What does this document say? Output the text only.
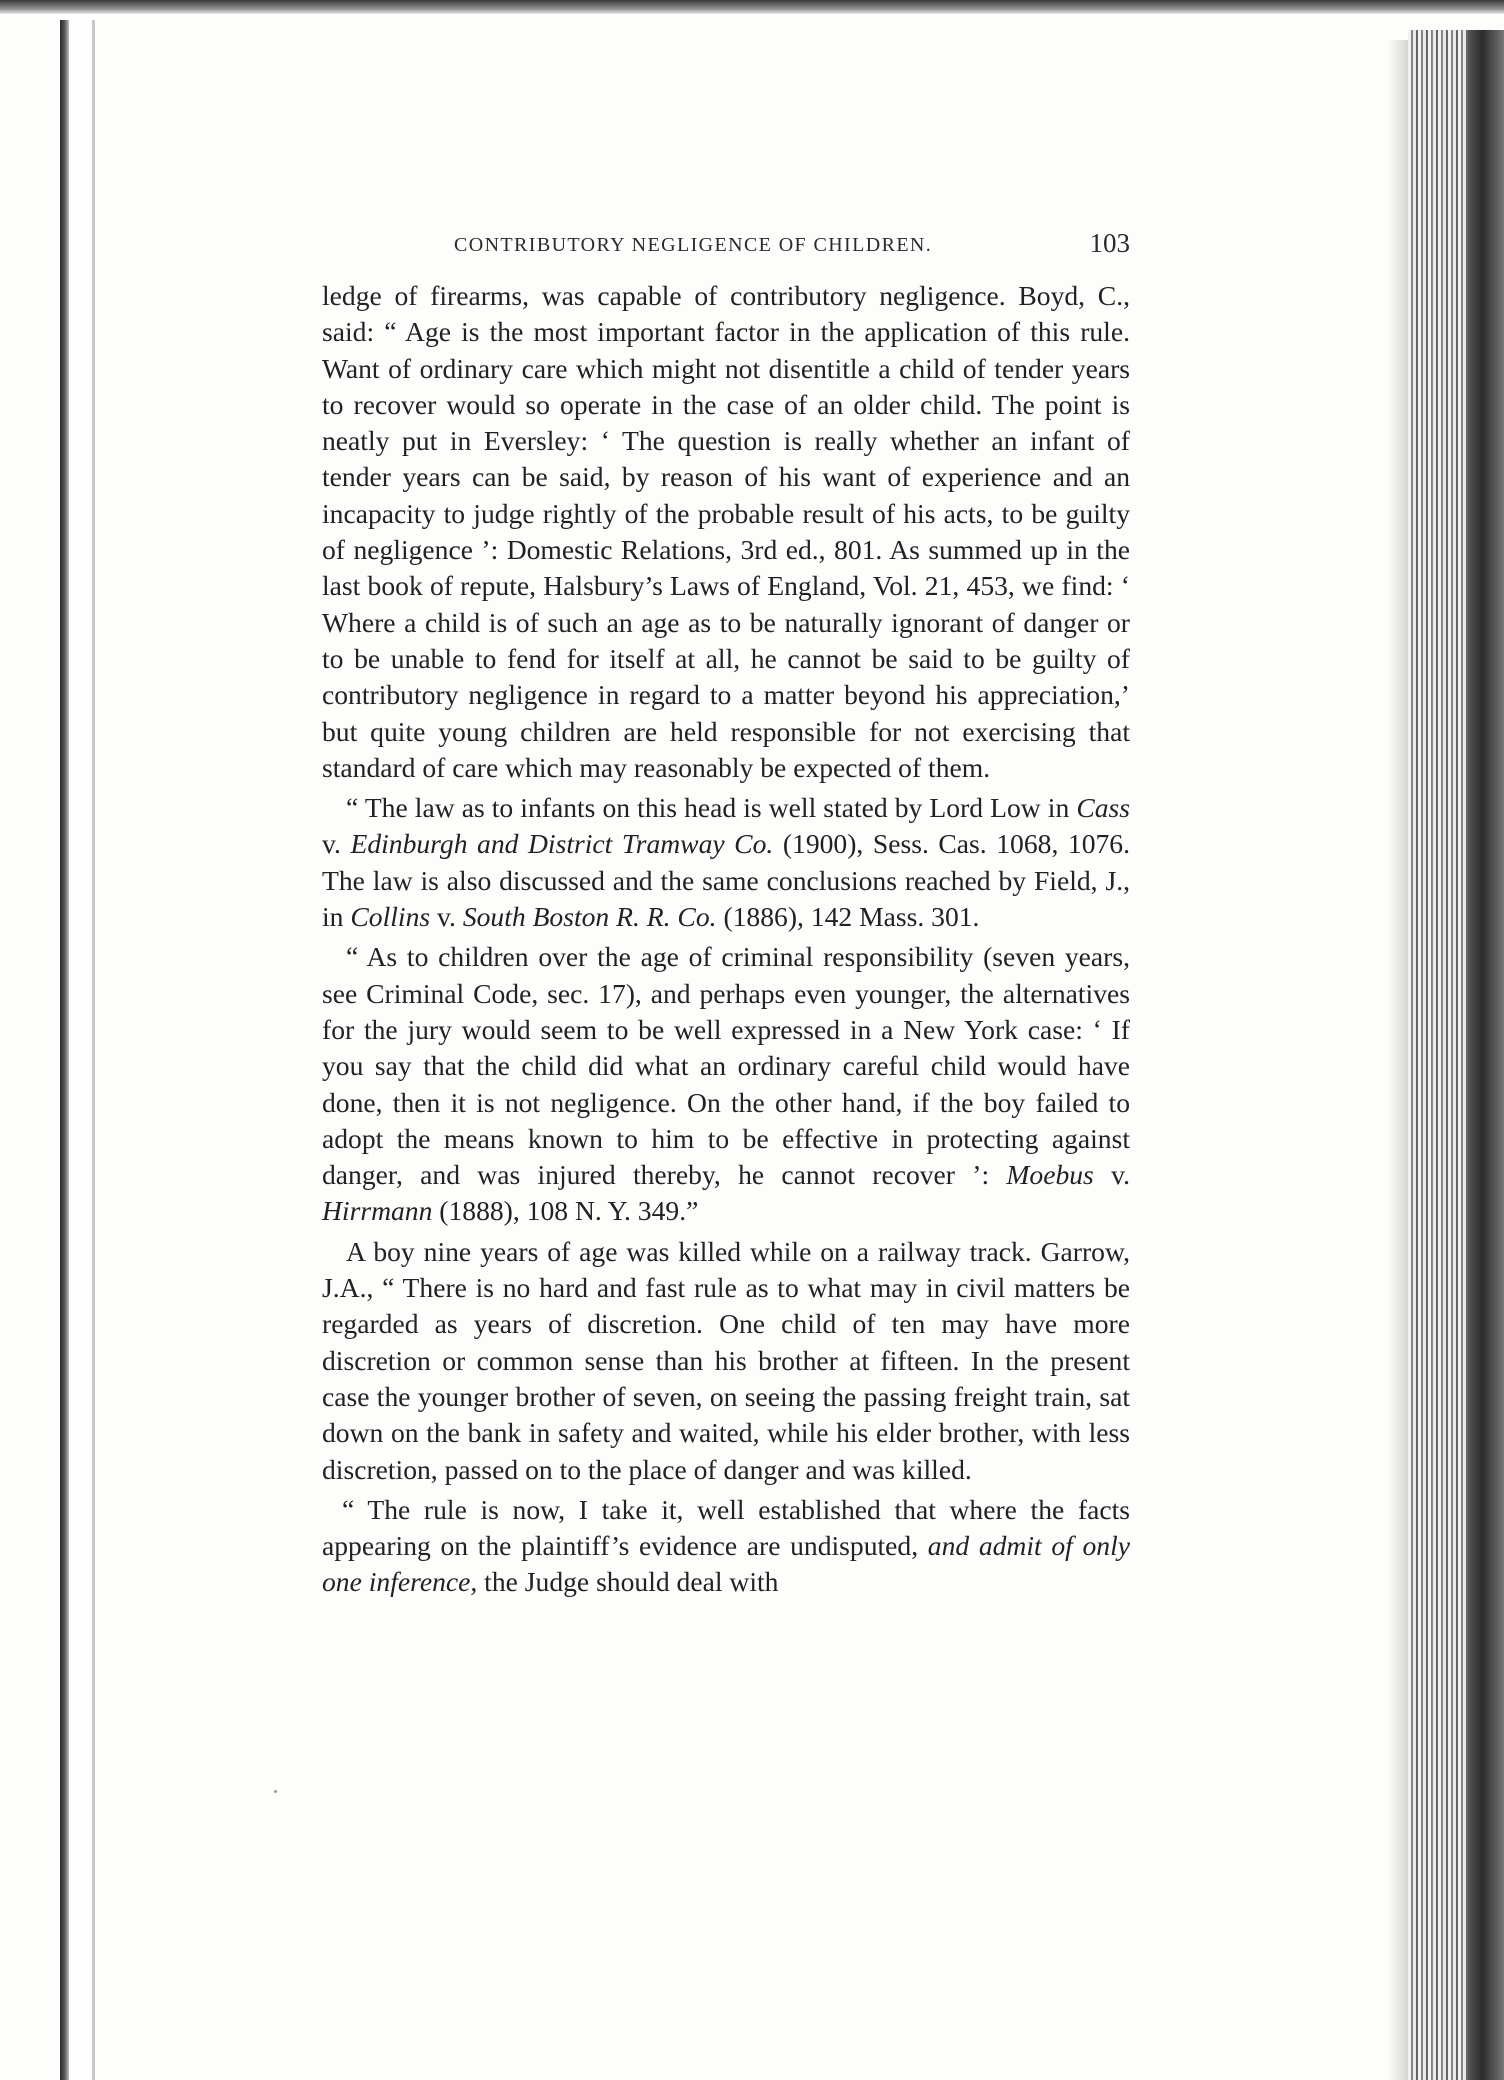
CONTRIBUTORY NEGLIGENCE OF CHILDREN.	103

ledge of firearms, was capable of contributory negligence. Boyd, C., said: “ Age is the most important factor in the application of this rule. Want of ordinary care which might not disentitle a child of tender years to recover would so operate in the case of an older child. The point is neatly put in Eversley: ‘ The question is really whether an infant of tender years can be said, by reason of his want of experience and an incapacity to judge rightly of the probable result of his acts, to be guilty of negligence ’: Domestic Relations, 3rd ed., 801. As summed up in the last book of repute, Halsbury’s Laws of England, Vol. 21, 453, we find: ‘ Where a child is of such an age as to be naturally ignorant of danger or to be unable to fend for itself at all, he cannot be said to be guilty of contributory negligence in regard to a matter beyond his appreciation,’ but quite young children are held responsible for not exercising that standard of care which may reasonably be expected of them.

“ The law as to infants on this head is well stated by Lord Low in Cass v. Edinburgh and District Tramway Co. (1900), Sess. Cas. 1068, 1076. The law is also discussed and the same conclusions reached by Field, J., in Collins v. South Boston R. R. Co. (1886), 142 Mass. 301.

“ As to children over the age of criminal responsibility (seven years, see Criminal Code, sec. 17), and perhaps even younger, the alternatives for the jury would seem to be well expressed in a New York case: ‘ If you say that the child did what an ordinary careful child would have done, then it is not negligence. On the other hand, if the boy failed to adopt the means known to him to be effective in protecting against danger, and was injured thereby, he cannot recover ’: Moebus v. Hirrmann (1888), 108 N. Y. 349.”

A boy nine years of age was killed while on a railway track. Garrow, J.A., “ There is no hard and fast rule as to what may in civil matters be regarded as years of discretion. One child of ten may have more discretion or common sense than his brother at fifteen. In the present case the younger brother of seven, on seeing the passing freight train, sat down on the bank in safety and waited, while his elder brother, with less discretion, passed on to the place of danger and was killed.

“ The rule is now, I take it, well established that where the facts appearing on the plaintiff’s evidence are undisputed, and admit of only one inference, the Judge should deal with
